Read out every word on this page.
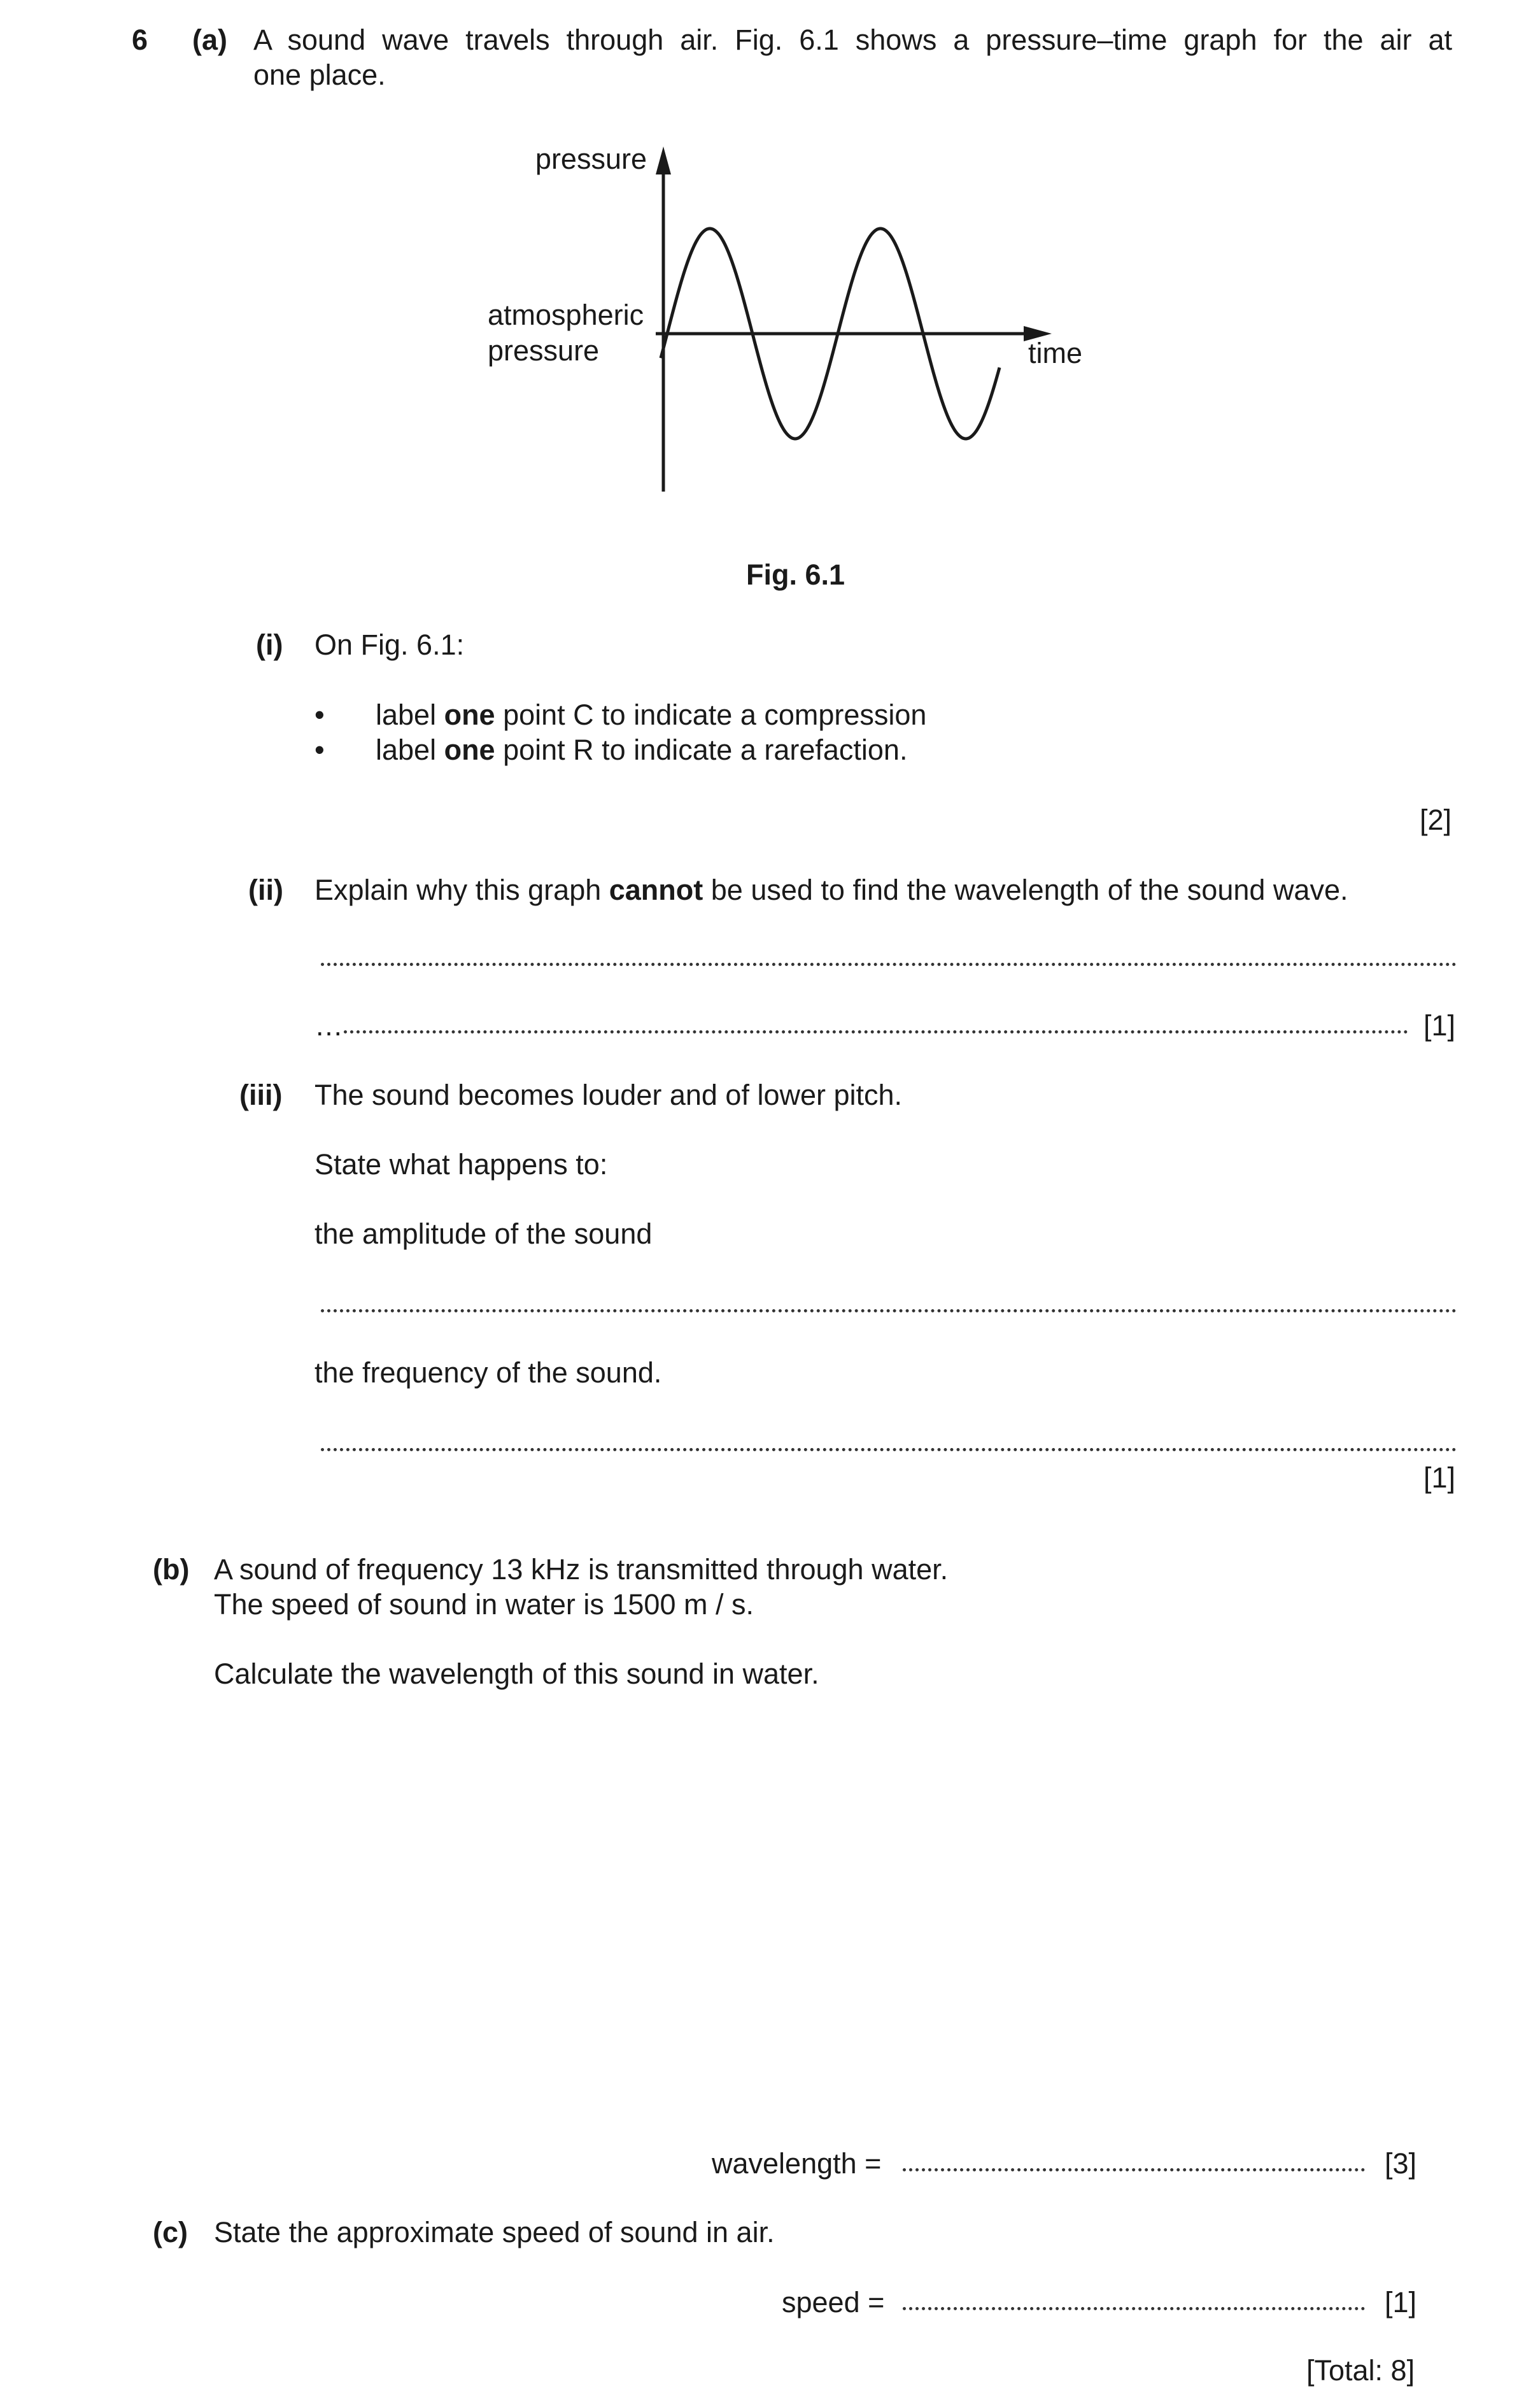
6 (a) A sound wave travels through air. Fig. 6.1 shows a pressure–time graph for the air at
one place.
pressure
atmospheric
pressure	time
Fig. 6.1
(i) On Fig. 6.1:
• label one point C to indicate a compression
• label one point R to indicate a rarefaction.
[2]
(ii) Explain why this graph cannot be used to find the wavelength of the sound wave.
…	[1]
(iii) The sound becomes louder and of lower pitch.
State what happens to:
the amplitude of the sound
the frequency of the sound.
[1]
(b) A sound of frequency 13 kHz is transmitted through water.
The speed of sound in water is 1500 m / s.
Calculate the wavelength of this sound in water.
wavelength =	[3]
(c) State the approximate speed of sound in air.
speed =	[1]
[Total: 8]
